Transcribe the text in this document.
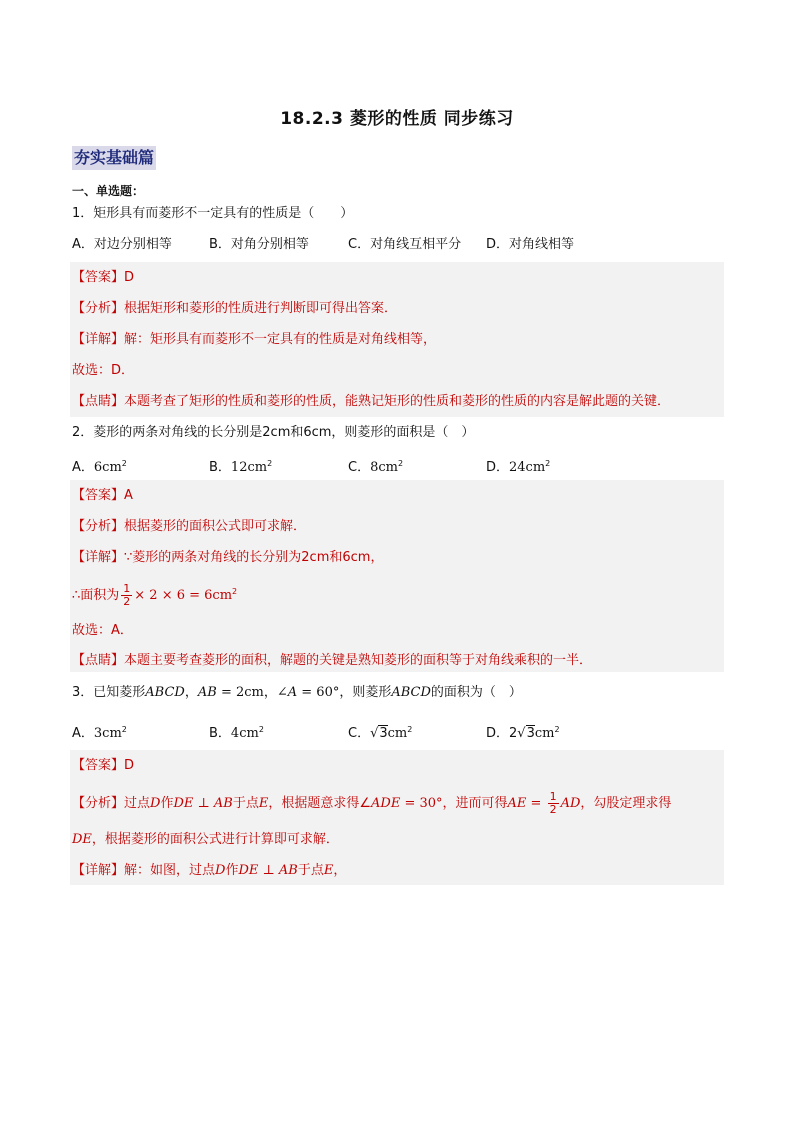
18.2.3 菱形的性质 同步练习
夯实基础篇
一、单选题：
1．矩形具有而菱形不一定具有的性质是（　　）
A．对边分别相等	B．对角分别相等	C．对角线互相平分 D．对角线相等
【答案】D
【分析】根据矩形和菱形的性质进行判断即可得出答案．
【详解】解：矩形具有而菱形不一定具有的性质是对角线相等，
故选：D．
【点睛】本题考查了矩形的性质和菱形的性质，能熟记矩形的性质和菱形的性质的内容是解此题的关键．
2．菱形的两条对角线的长分别是2cm和6cm，则菱形的面积是（　）
A．$6cm^2$	B．$12cm^2$	C．$8cm^2$	D．$24cm^2$
【答案】A
【分析】根据菱形的面积公式即可求解．
【详解】∵菱形的两条对角线的长分别为2cm和6cm，
∴面积为 $\frac{1}{2} \times 2 \times 6 = 6cm^2$
故选：A．
【点睛】本题主要考查菱形的面积，解题的关键是熟知菱形的面积等于对角线乘积的一半．
3．已知菱形ABCD，AB = 2cm，∠A = 60°，则菱形ABCD的面积为（　）
A．$3cm^2$	B．$4cm^2$	C．$√3cm^2$	D．$2√3cm^2$
【答案】D
【分析】过点D作DE ⊥ AB于点E，根据题意求得∠ADE = 30°，进而可得AE = $\frac{1}{2}$ AD，勾股定理求得
DE，根据菱形的面积公式进行计算即可求解．
【详解】解：如图，过点D作DE ⊥ AB于点E，
